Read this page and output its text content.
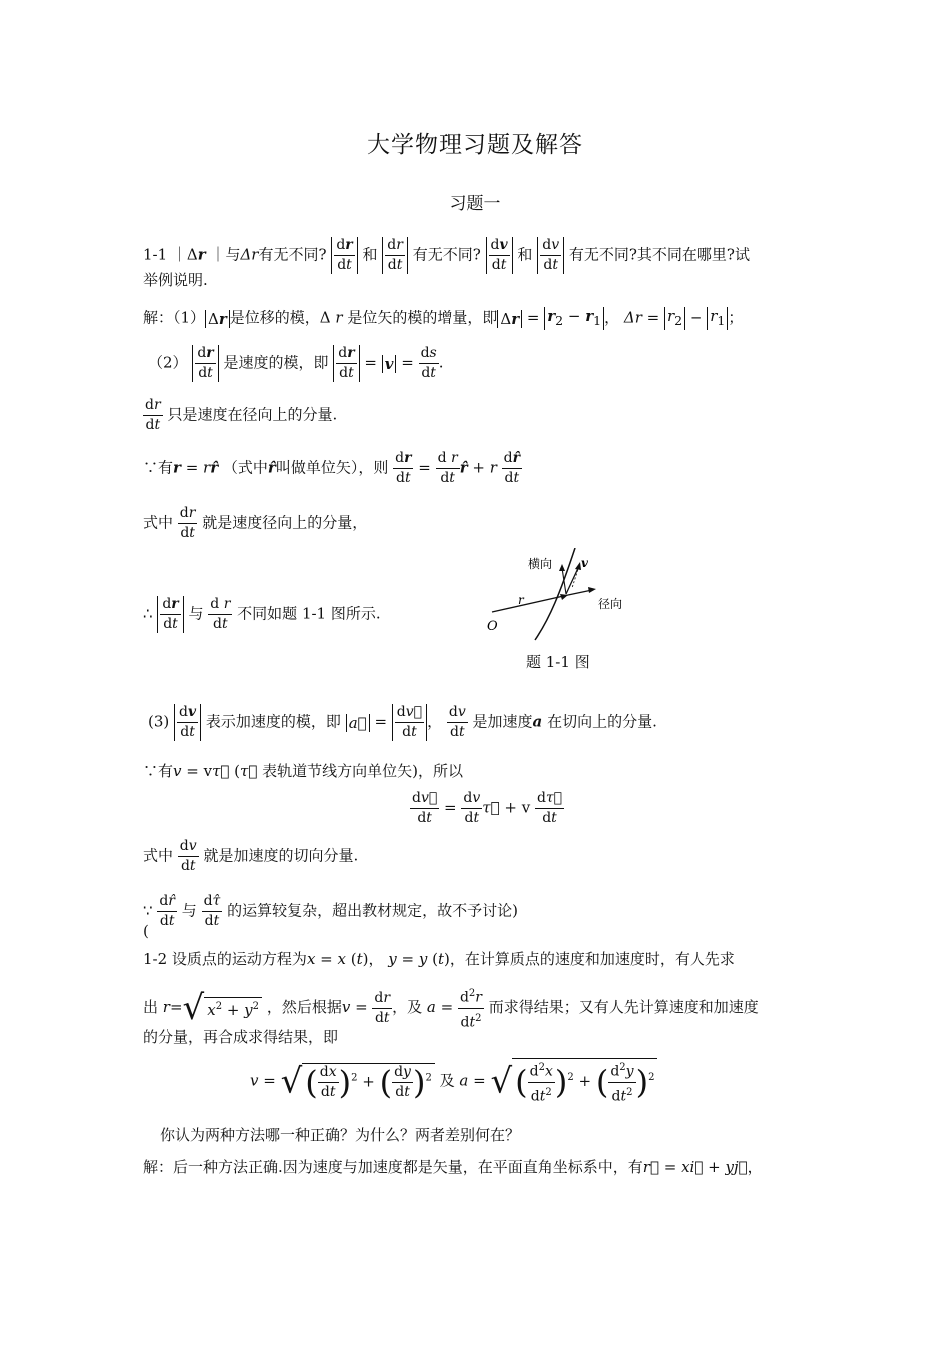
大学物理习题及解答
习题一
1-1 ｜Δr ｜与Δr有无不同? $\frac{dr}{dt}$ 和 $\frac{dr}{dt}$ 有无不同? $\frac{dv}{dt}$ 和 $\frac{dv}{dt}$ 有无不同?其不同在哪里?试
举例说明.
解：（1） Δr 是位移的模，Δ r 是位矢的模的增量，即 $\Delta r = r_2 - r_1$ ， $\Delta r = r_2 - r_1$ ；
$(2) \frac{dr}{dt}$ 是速度的模，即 $\frac{dr}{dt} = v = \frac{ds}{dt}$ .
$\frac{dr}{dt}$ 只是速度在径向上的分量.
∵有r = rr̂ （式中r̂叫做单位矢），则 $\frac{dr}{dt} = \frac{\text{d r}}{dt}$ r̂ + r $\frac{dr̂}{dt}$
式中 $\frac{dr}{dt}$ 就是速度径向上的分量，
∴ $\frac{dr}{dt}$ 与 $\frac{\text{d r}}{dt}$ 不同如题 1-1 图所示.
横向 v
r	径向
O
题 1-1 图
$(3) \frac{dv}{dt}$ 表示加速度的模，即 a⃗ = $\frac{dv⃗}{dt}$ ， $\frac{dv}{dt}$ 是加速度a 在切向上的分量.
∵有v = vτ⃗ (τ⃗ 表轨道节线方向单位矢)，所以
$\frac{dv⃗}{dt} = \frac{dv}{dt}$ τ⃗ + v $\frac{d\tau⃗}{dt}$
式中 $\frac{dv}{dt}$ 就是加速度的切向分量.
∵ $\frac{dr̂}{dt}$ 与 $\frac{d\taû}{dt}$ 的运算较复杂，超出教材规定，故不予讨论)
(
1-2 设质点的运动方程为x = x (t)， y = y (t)，在计算质点的速度和加速度时，有人先求
出 r=√ $x^2 + y^2$ ，然后根据$v = \frac{dr}{dt}$ ，及 $a = \frac{d^2r}{dt^2}$ 而求得结果；又有人先计算速度和加速度
的分量，再合成求得结果，即
v = √( $\frac{dx}{dt} )^2$ + ( $\frac{dy}{dt} )^2$ 及 a = √( $\frac{d^2x}{dt^2} )^2$ + ( $\frac{d^2y}{dt^2} )^2$
你认为两种方法哪一种正确？为什么？两者差别何在？
解：后一种方法正确.因为速度与加速度都是矢量，在平面直角坐标系中，有r⃗ = xi⃗ + yj⃗，
